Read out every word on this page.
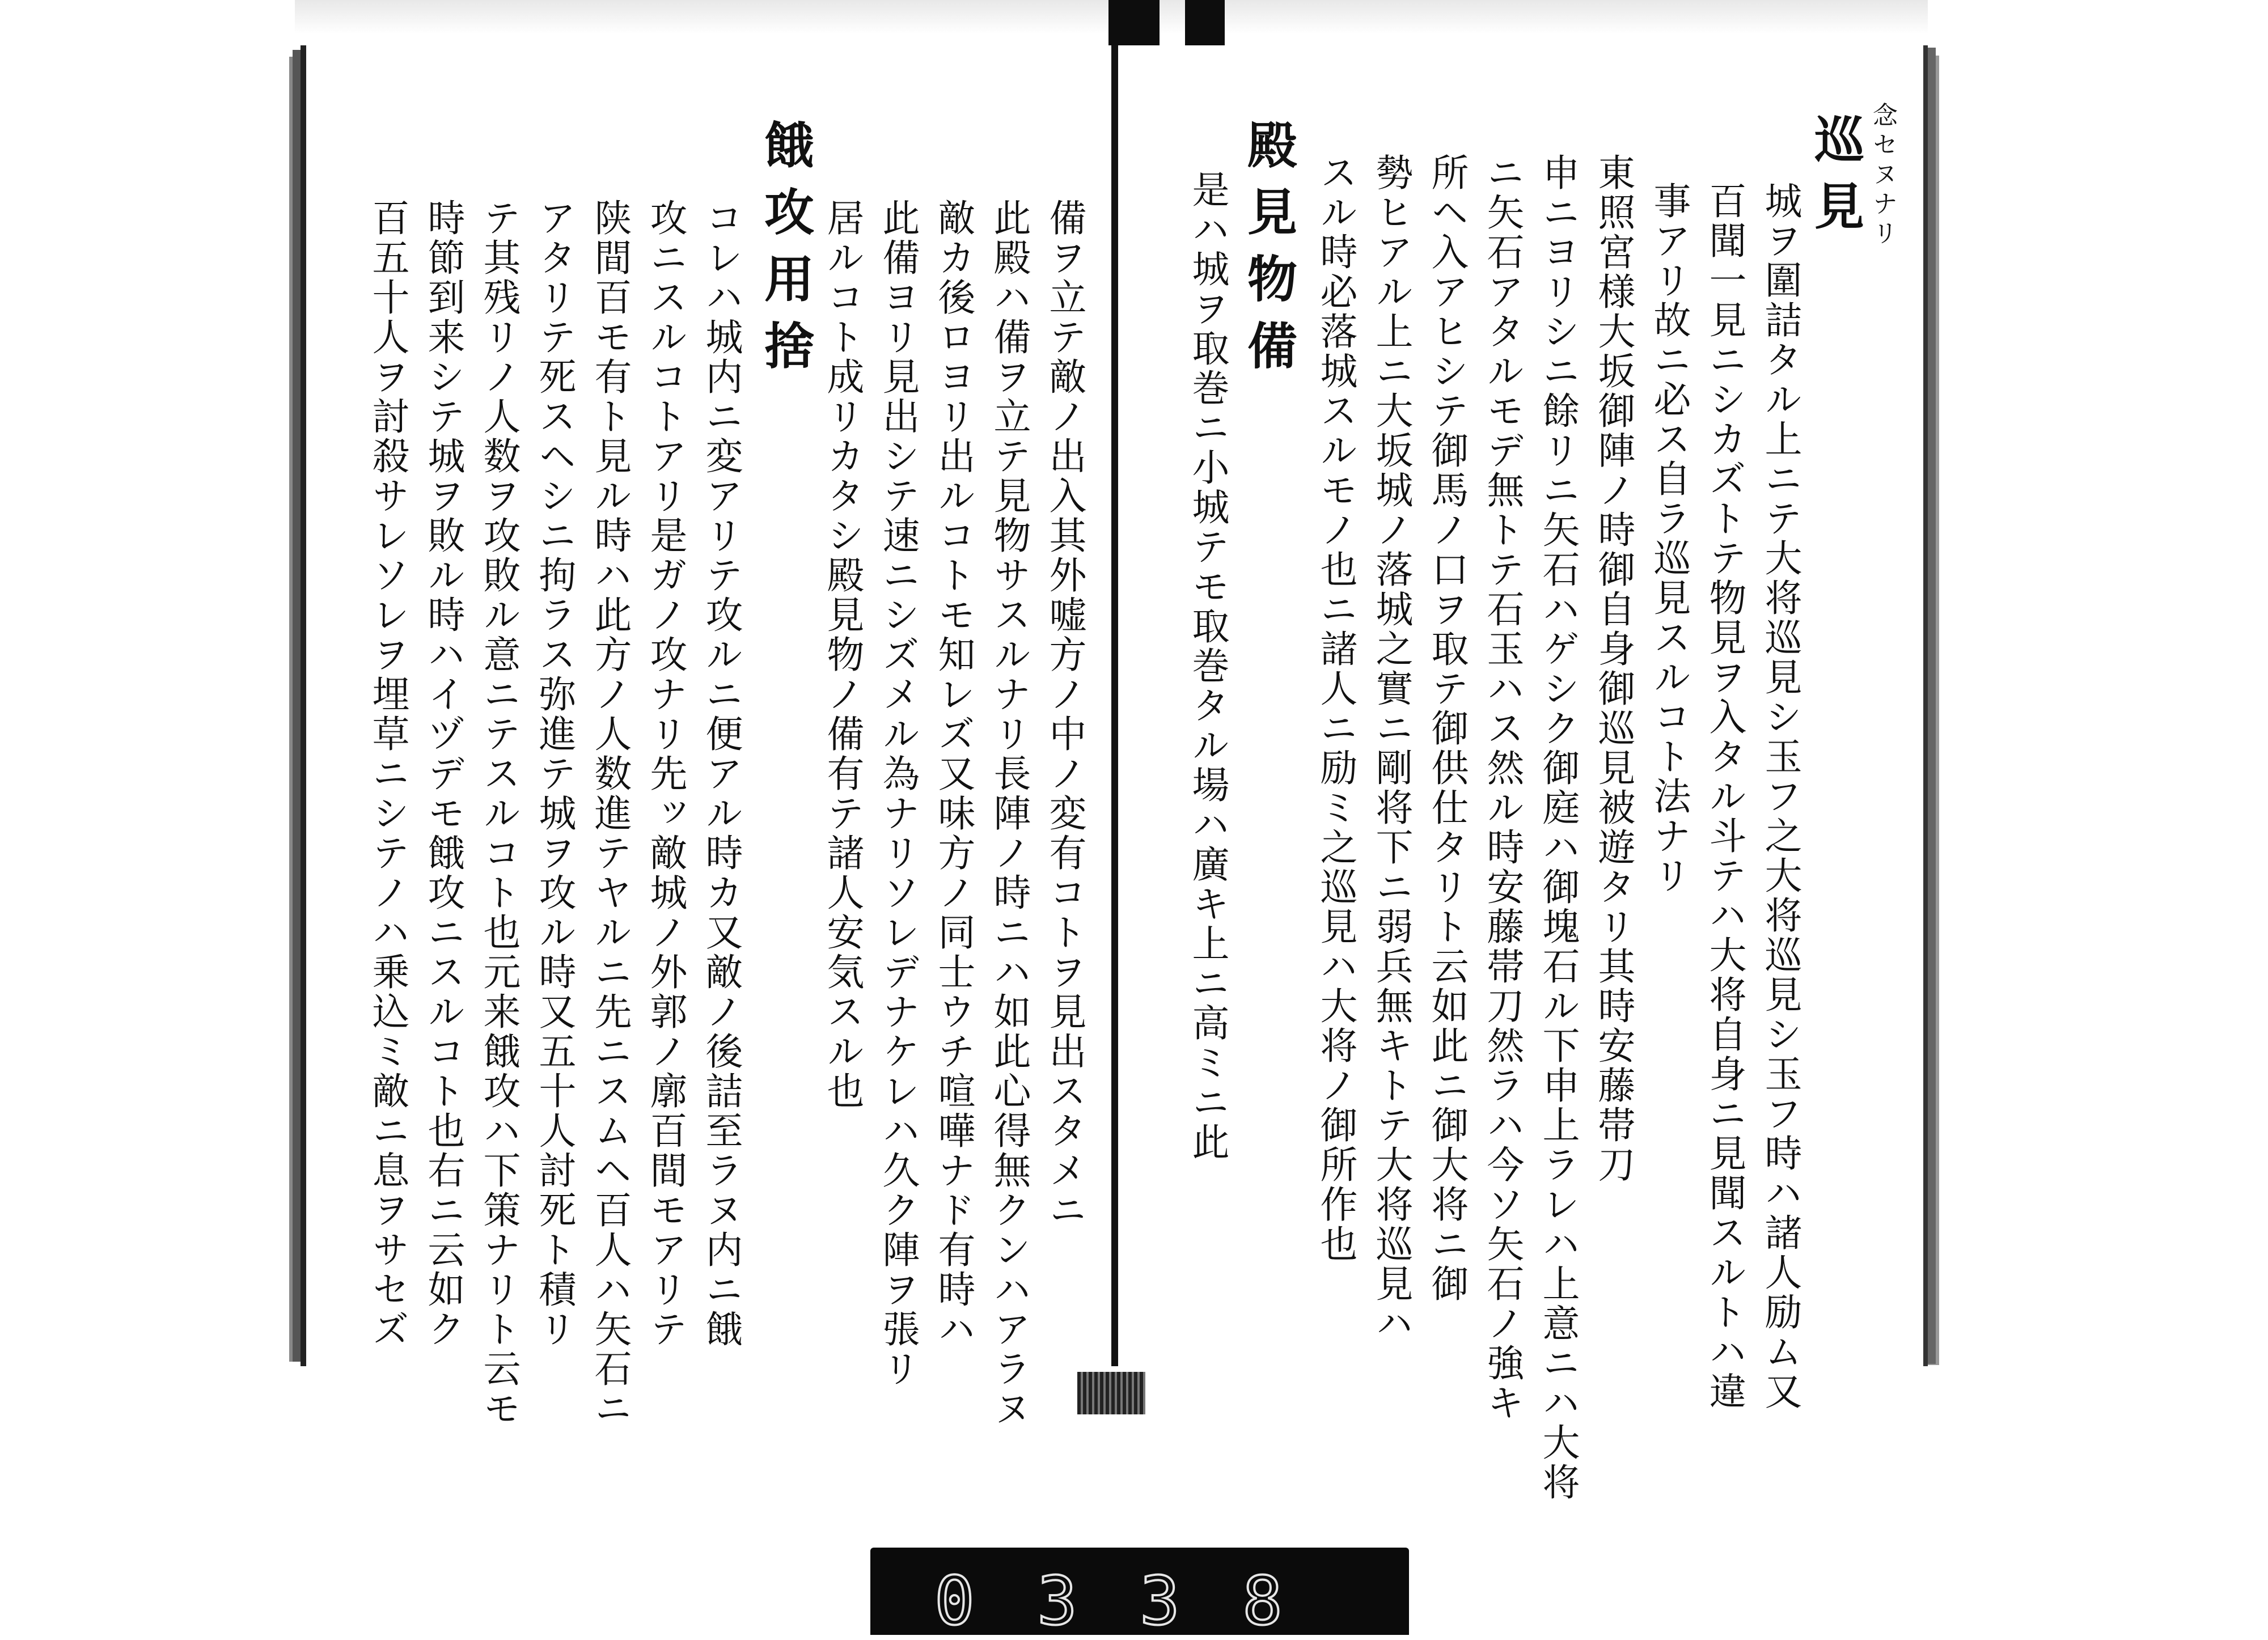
備ヲ立テ敵ノ出入其外嘘方ノ中ノ変有コトヲ見出スタメニ
此殿ハ備ヲ立テ見物サスルナリ長陣ノ時ニハ如此心得無クンハアラヌ
敵カ後ロヨリ出ルコトモ知レズ又味方ノ同士ウチ喧嘩ナド有時ハ
此備ヨリ見出シテ速ニシズメル為ナリソレデナケレハ久ク陣ヲ張リ
居ルコト成リカタシ殿見物ノ備有テ諸人安気スル也
餓攻用捨
コレハ城内ニ変アリテ攻ルニ便アル時カ又敵ノ後詰至ラヌ内ニ餓
攻ニスルコトアリ是ガノ攻ナリ先ッ敵城ノ外郭ノ廓百間モアリテ
陕間百モ有ト見ル時ハ此方ノ人数進テヤルニ先ニスムヘ百人ハ矢石ニ
アタリテ死スヘシニ拘ラス弥進テ城ヲ攻ル時又五十人討死ト積リ
テ其残リノ人数ヲ攻敗ル意ニテスルコト也元来餓攻ハ下策ナリト云モ
時節到来シテ城ヲ敗ル時ハイヅデモ餓攻ニスルコト也右ニ云如ク
百五十人ヲ討殺サレソレヲ埋草ニシテノハ乗込ミ敵ニ息ヲサセズ
念セヌナリ
巡見
城ヲ圍詰タル上ニテ大将巡見シ玉フ之大将巡見シ玉フ時ハ諸人励ム又
百聞一見ニシカズトテ物見ヲ入タル斗テハ大将自身ニ見聞スルトハ違
事アリ故ニ必ス自ラ巡見スルコト法ナリ
東照宮様大坂御陣ノ時御自身御巡見被遊タリ其時安藤帯刀
申ニヨリシニ餘リニ矢石ハゲシク御庭ハ御塊石ル下申上ラレハ上意ニハ大将
ニ矢石アタルモデ無トテ石玉ハス然ル時安藤帯刀然ラハ今ソ矢石ノ強キ
所ヘ入アヒシテ御馬ノ口ヲ取テ御供仕タリト云如此ニ御大将ニ御
勢ヒアル上ニ大坂城ノ落城之實ニ剛将下ニ弱兵無キトテ大将巡見ハ
スル時必落城スルモノ也ニ諸人ニ励ミ之巡見ハ大将ノ御所作也
殿見物備
是ハ城ヲ取巻ニ小城テモ取巻タル場ハ廣キ上ニ高ミニ此
0338
